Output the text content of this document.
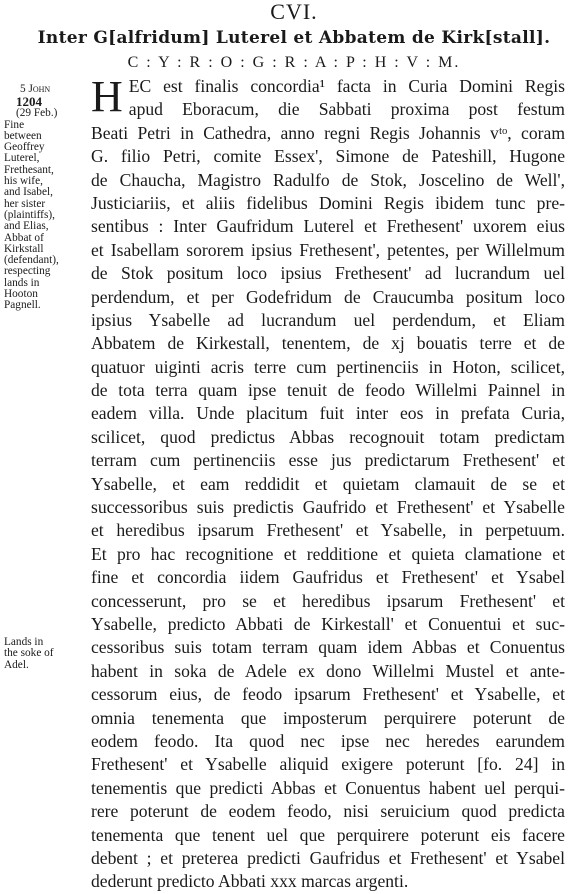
CVI.
Inter G[alfridum] Luterel et Abbatem de Kirk[stall].
C : Y : R : O : G : R : A : P : H : V : M.
5 John
1204
(29 Feb.)
Fine
between
Geoffrey
Luterel,
Frethesant,
his wife,
and Isabel,
her sister
(plaintiffs),
and Elias,
Abbat of
Kirkstall
(defendant),
respecting
lands in
Hooton
Pagnell.
Lands in
the soke of
Adel.
H EC est finalis concordia¹ facta in Curia Domini Regis
apud Eboracum, die Sabbati proxima post festum
Beati Petri in Cathedra, anno regni Regis Johannis vᵗᵒ, coram
G. filio Petri, comite Essex', Simone de Pateshill, Hugone
de Chaucha, Magistro Radulfo de Stok, Joscelino de Well',
Justiciariis, et aliis fidelibus Domini Regis ibidem tunc pre-
sentibus : Inter Gaufridum Luterel et Frethesent' uxorem eius
et Isabellam sororem ipsius Frethesent', petentes, per Willelmum
de Stok positum loco ipsius Frethesent' ad lucrandum uel
perdendum, et per Godefridum de Craucumba positum loco
ipsius Ysabelle ad lucrandum uel perdendum, et Eliam
Abbatem de Kirkestall, tenentem, de xj bouatis terre et de
quatuor uiginti acris terre cum pertinenciis in Hoton, scilicet,
de tota terra quam ipse tenuit de feodo Willelmi Painnel in
eadem villa. Unde placitum fuit inter eos in prefata Curia,
scilicet, quod predictus Abbas recognouit totam predictam
terram cum pertinenciis esse jus predictarum Frethesent' et
Ysabelle, et eam reddidit et quietam clamauit de se et
successoribus suis predictis Gaufrido et Frethesent' et Ysabelle
et heredibus ipsarum Frethesent' et Ysabelle, in perpetuum.
Et pro hac recognitione et redditione et quieta clamatione et
fine et concordia iidem Gaufridus et Frethesent' et Ysabel
concesserunt, pro se et heredibus ipsarum Frethesent' et
Ysabelle, predicto Abbati de Kirkestall' et Conuentui et suc-
cessoribus suis totam terram quam idem Abbas et Conuentus
habent in soka de Adele ex dono Willelmi Mustel et ante-
cessorum eius, de feodo ipsarum Frethesent' et Ysabelle, et
omnia tenementa que imposterum perquirere poterunt de
eodem feodo. Ita quod nec ipse nec heredes earundem
Frethesent' et Ysabelle aliquid exigere poterunt [fo. 24] in
tenementis que predicti Abbas et Conuentus habent uel perqui-
rere poterunt de eodem feodo, nisi seruicium quod predicta
tenementa que tenent uel que perquirere poterunt eis facere
debent ; et preterea predicti Gaufridus et Frethesent' et Ysabel
dederunt predicto Abbati xxx marcas argenti.
